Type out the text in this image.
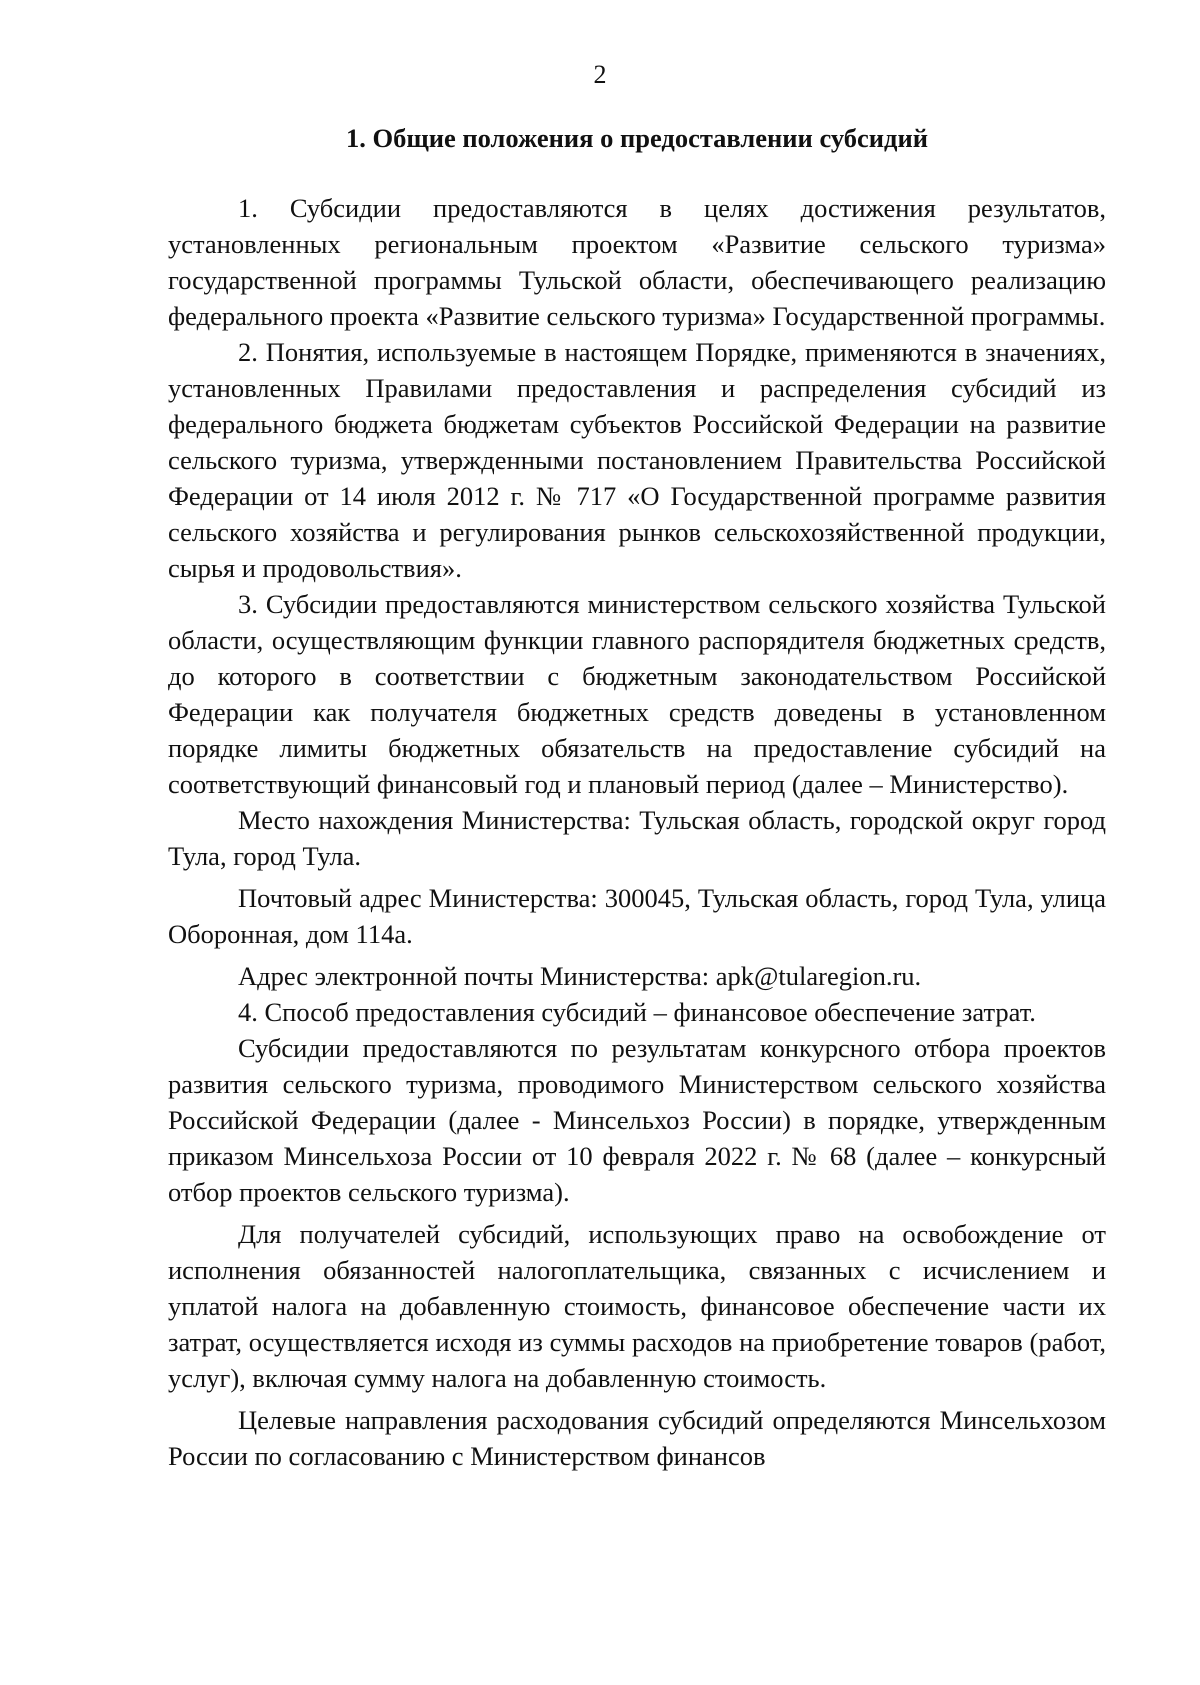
2
1. Общие положения о предоставлении субсидий

1. Субсидии предоставляются в целях достижения результатов, установленных региональным проектом «Развитие сельского туризма» государственной программы Тульской области, обеспечивающего реализацию федерального проекта «Развитие сельского туризма» Государственной программы.

2. Понятия, используемые в настоящем Порядке, применяются в значениях, установленных Правилами предоставления и распределения субсидий из федерального бюджета бюджетам субъектов Российской Федерации на развитие сельского туризма, утвержденными постановлением Правительства Российской Федерации от 14 июля 2012 г. № 717 «О Государственной программе развития сельского хозяйства и регулирования рынков сельскохозяйственной продукции, сырья и продовольствия».

3. Субсидии предоставляются министерством сельского хозяйства Тульской области, осуществляющим функции главного распорядителя бюджетных средств, до которого в соответствии с бюджетным законодательством Российской Федерации как получателя бюджетных средств доведены в установленном порядке лимиты бюджетных обязательств на предоставление субсидий на соответствующий финансовый год и плановый период (далее – Министерство).

Место нахождения Министерства: Тульская область, городской округ город Тула, город Тула.

Почтовый адрес Министерства: 300045, Тульская область, город Тула, улица Оборонная, дом 114а.

Адрес электронной почты Министерства: apk@tularegion.ru.

4. Способ предоставления субсидий – финансовое обеспечение затрат.

Субсидии предоставляются по результатам конкурсного отбора проектов развития сельского туризма, проводимого Министерством сельского хозяйства Российской Федерации (далее - Минсельхоз России) в порядке, утвержденным приказом Минсельхоза России от 10 февраля 2022 г. № 68 (далее – конкурсный отбор проектов сельского туризма).

Для получателей субсидий, использующих право на освобождение от исполнения обязанностей налогоплательщика, связанных с исчислением и уплатой налога на добавленную стоимость, финансовое обеспечение части их затрат, осуществляется исходя из суммы расходов на приобретение товаров (работ, услуг), включая сумму налога на добавленную стоимость.

Целевые направления расходования субсидий определяются Минсельхозом России по согласованию с Министерством финансов
